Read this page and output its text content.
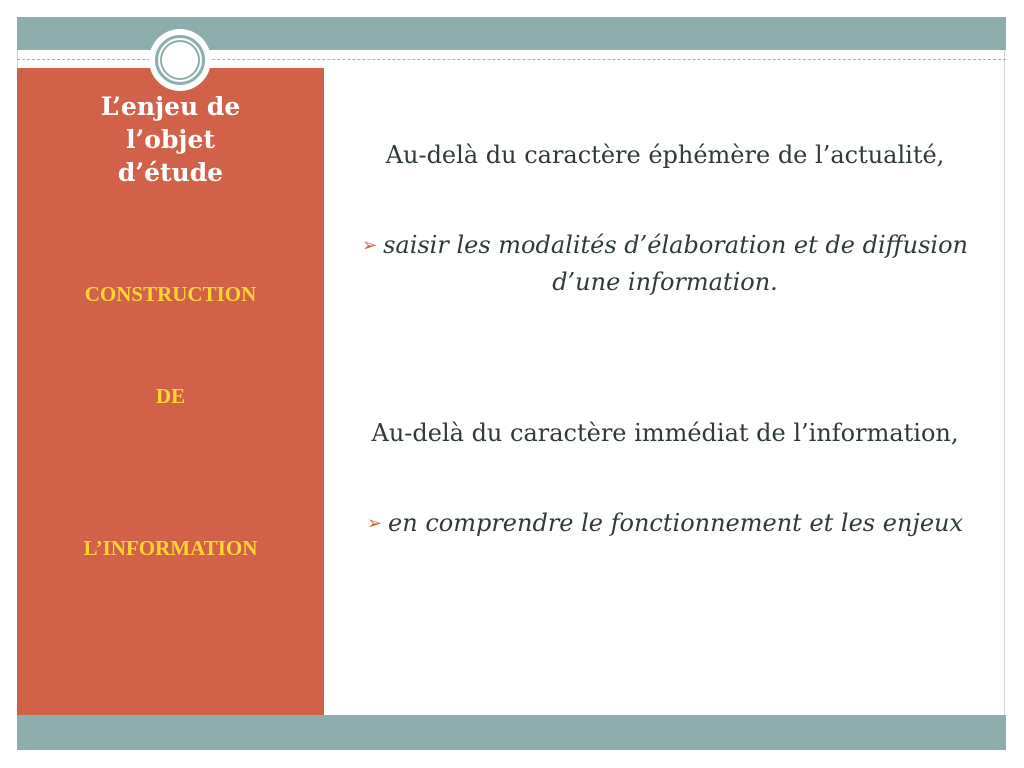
L’enjeu de
l’objet
d’étude
CONSTRUCTION
DE
L’INFORMATION
Au-delà du caractère éphémère de l’actualité,
➢ saisir les modalités d’élaboration et de diffusion d’une information.
Au-delà du caractère immédiat de l’information,
➢ en comprendre le fonctionnement et les enjeux
